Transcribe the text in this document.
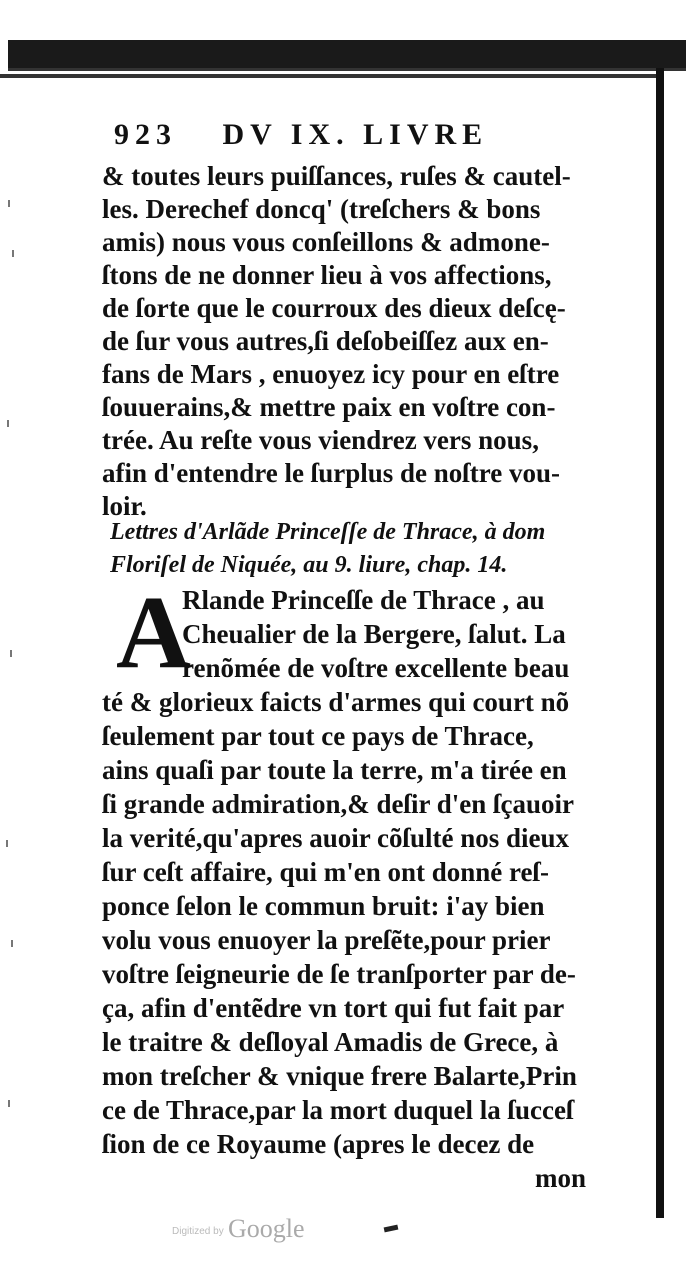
923 DV IX. LIVRE
& toutes leurs puiſſances, ruſes & cautel-
les. Derechef doncq' (treſchers & bons
amis) nous vous conſeillons & admone-
ſtons de ne donner lieu à vos affections,
de ſorte que le courroux des dieux deſcę-
de ſur vous autres,ſi deſobeiſſez aux en-
fans de Mars , enuoyez icy pour en eſtre
ſouuerains,& mettre paix en voſtre con-
trée. Au reſte vous viendrez vers nous,
afin d'entendre le ſurplus de noſtre vou-
loir.
Lettres d'Arlãde Princeſſe de Thrace, à dom
Floriſel de Niquée, au 9. liure, chap. 14.
A
Rlande Princeſſe de Thrace , au
Cheualier de la Bergere, ſalut. La
renõmée de voſtre excellente beau
té & glorieux faicts d'armes qui court nõ
ſeulement par tout ce pays de Thrace,
ains quaſi par toute la terre, m'a tirée en
ſi grande admiration,& deſir d'en ſçauoir
la verité,qu'apres auoir cõſulté nos dieux
ſur ceſt affaire, qui m'en ont donné reſ-
ponce ſelon le commun bruit: i'ay bien
volu vous enuoyer la preſẽte,pour prier
voſtre ſeigneurie de ſe tranſporter par de-
ça, afin d'entẽdre vn tort qui fut fait par
le traitre & deſloyal Amadis de Grece, à
mon treſcher & vnique frere Balarte,Prin
ce de Thrace,par la mort duquel la ſucceſ
ſion de ce Royaume (apres le decez de
mon
Digitized by Google
